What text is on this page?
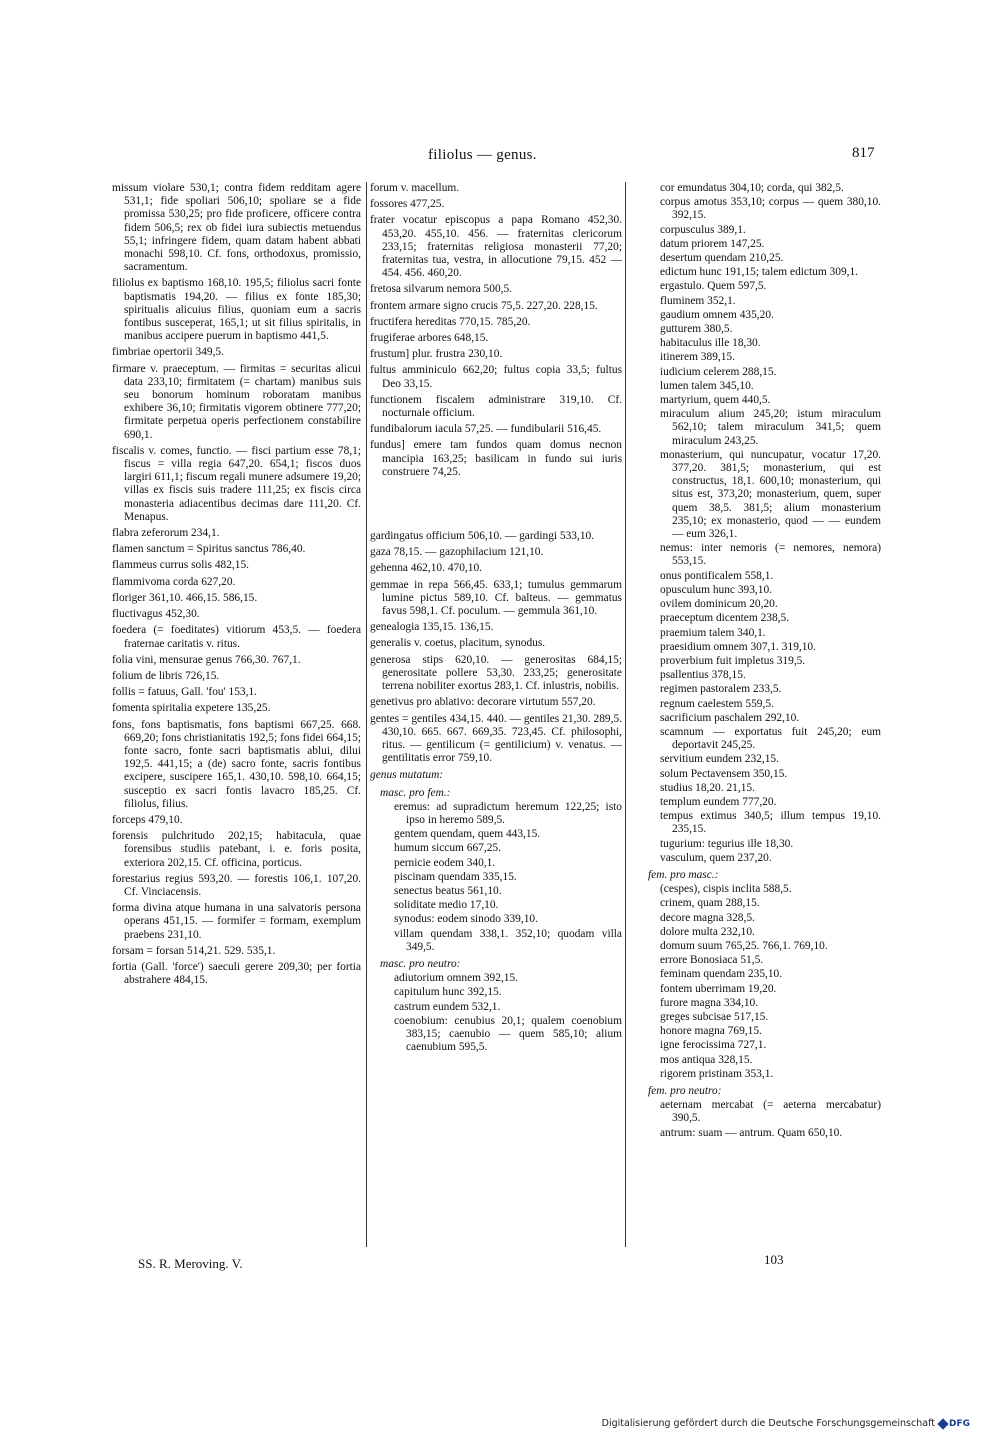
filiolus — genus.	817

missum violare 530,1; contra fidem redditam agere 531,1; fide spoliari 506,10; spoliare se a fide promissa 530,25; pro fide proficere, officere contra fidem 506,5; rex ob fidei iura subiectis metuendus 55,1; infringere fidem, quam datam habent abbati monachi 598,10. Cf. fons, orthodoxus, promissio, sacramentum.

filiolus ex baptismo 168,10. 195,5; filiolus sacri fonte baptismatis 194,20. — filius ex fonte 185,30; spiritualis alicuius filius, quoniam eum a sacris fontibus susceperat, 165,1; ut sit filius spiritalis, in manibus accipere puerum in baptismo 441,5.

fimbriae opertorii 349,5.

firmare v. praeceptum. — firmitas = securitas alicui data 233,10; firmitatem (= chartam) manibus suis seu bonorum hominum roboratam manibus exhibere 36,10; firmitatis vigorem obtinere 777,20; firmitate perpetua operis perfectionem constabilire 690,1.

fiscalis v. comes, functio. — fisci partium esse 78,1; fiscus = villa regia 647,20. 654,1; fiscos duos largiri 611,1; fiscum regali munere adsumere 19,20; villas ex fiscis suis tradere 111,25; ex fiscis circa monasteria adiacentibus decimas dare 111,20. Cf. Menapus.

flabra zeferorum 234,1.

flamen sanctum = Spiritus sanctus 786,40.

flammeus currus solis 482,15.

flammivoma corda 627,20.

floriger 361,10. 466,15. 586,15.

fluctivagus 452,30.

foedera (= foeditates) vitiorum 453,5. — foedera fraternae caritatis v. ritus.

folia vini, mensurae genus 766,30. 767,1.

folium de libris 726,15.

follis = fatuus, Gall. 'fou' 153,1.

fomenta spiritalia expetere 135,25.

fons, fons baptismatis, fons baptismi 667,25. 668. 669,20; fons christianitatis 192,5; fons fidei 664,15; fonte sacro, fonte sacri baptismatis ablui, dilui 192,5. 441,15; a (de) sacro fonte, sacris fontibus excipere, suscipere 165,1. 430,10. 598,10. 664,15; susceptio ex sacri fontis lavacro 185,25. Cf. filiolus, filius.

forceps 479,10.

forensis pulchritudo 202,15; habitacula, quae forensibus studiis patebant, i. e. foris posita, exteriora 202,15. Cf. officina, porticus.

forestarius regius 593,20. — forestis 106,1. 107,20. Cf. Vinciacensis.

forma divina atque humana in una salvatoris persona operans 451,15. — formifer = formam, exemplum praebens 231,10.

forsam = forsan 514,21. 529. 535,1.

fortia (Gall. 'force') saeculi gerere 209,30; per fortia abstrahere 484,15.

forum v. macellum.

fossores 477,25.

frater vocatur episcopus a papa Romano 452,30. 453,20. 455,10. 456. — fraternitas clericorum 233,15; fraternitas religiosa monasterii 77,20; fraternitas tua, vestra, in allocutione 79,15. 452 — 454. 456. 460,20.

fretosa silvarum nemora 500,5.

frontem armare signo crucis 75,5. 227,20. 228,15.

fructifera hereditas 770,15. 785,20.

frugiferae arbores 648,15.

frustum] plur. frustra 230,10.

fultus amminiculo 662,20; fultus copia 33,5; fultus Deo 33,15.

functionem fiscalem administrare 319,10. Cf. nocturnale officium.

fundibalorum iacula 57,25. — fundibularii 516,45.

fundus] emere tam fundos quam domus necnon mancipia 163,25; basilicam in fundo sui iuris construere 74,25.

gardingatus officium 506,10. — gardingi 533,10.

gaza 78,15. — gazophilacium 121,10.

gehenna 462,10. 470,10.

gemmae in repa 566,45. 633,1; tumulus gemmarum lumine pictus 589,10. Cf. balteus. — gemmatus favus 598,1. Cf. poculum. — gemmula 361,10.

genealogia 135,15. 136,15.

generalis v. coetus, placitum, synodus.

generosa stips 620,10. — generositas 684,15; generositate pollere 53,30. 233,25; generositate terrena nobiliter exortus 283,1. Cf. inlustris, nobilis.

genetivus pro ablativo: decorare virtutum 557,20.

gentes = gentiles 434,15. 440. — gentiles 21,30. 289,5. 430,10. 665. 667. 669,35. 723,45. Cf. philosophi, ritus. — gentilicum (= gentilicium) v. venatus. — gentilitatis error 759,10.

genus mutatum:

masc. pro fem.:

eremus: ad supradictum heremum 122,25; isto ipso in heremo 589,5.

gentem quendam, quem 443,15.

humum siccum 667,25.

pernicie eodem 340,1.

piscinam quendam 335,15.

senectus beatus 561,10.

soliditate medio 17,10.

synodus: eodem sinodo 339,10.

villam quendam 338,1. 352,10; quodam villa 349,5.

masc. pro neutro:

adiutorium omnem 392,15.

capitulum hunc 392,15.

castrum eundem 532,1.

coenobium: cenubius 20,1; qualem coenobium 383,15; caenubio — quem 585,10; alium caenubium 595,5.

cor emundatus 304,10; corda, qui 382,5.

corpus amotus 353,10; corpus — quem 380,10. 392,15.

corpusculus 389,1.

datum priorem 147,25.

desertum quendam 210,25.

edictum hunc 191,15; talem edictum 309,1.

ergastulo. Quem 597,5.

fluminem 352,1.

gaudium omnem 435,20.

gutturem 380,5.

habitaculus ille 18,30.

itinerem 389,15.

iudicium celerem 288,15.

lumen talem 345,10.

martyrium, quem 440,5.

miraculum alium 245,20; istum miraculum 562,10; talem miraculum 341,5; quem miraculum 243,25.

monasterium, qui nuncupatur, vocatur 17,20. 377,20. 381,5; monasterium, qui est constructus, 18,1. 600,10; monasterium, qui situs est, 373,20; monasterium, quem, super quem 38,5. 381,5; alium monasterium 235,10; ex monasterio, quod — — eundem — eum 326,1.

nemus: inter nemoris (= nemores, nemora) 553,15.

onus pontificalem 558,1.

opusculum hunc 393,10.

ovilem dominicum 20,20.

praeceptum dicentem 238,5.

praemium talem 340,1.

praesidium omnem 307,1. 319,10.

proverbium fuit impletus 319,5.

psallentius 378,15.

regimen pastoralem 233,5.

regnum caelestem 559,5.

sacrificium paschalem 292,10.

scamnum — exportatus fuit 245,20; eum deportavit 245,25.

servitium eundem 232,15.

solum Pectavensem 350,15.

studius 18,20. 21,15.

templum eundem 777,20.

tempus extimus 340,5; illum tempus 19,10. 235,15.

tugurium: tegurius ille 18,30.

vasculum, quem 237,20.

fem. pro masc.:

(cespes), cispis inclita 588,5.

crinem, quam 288,15.

decore magna 328,5.

dolore multa 232,10.

domum suum 765,25. 766,1. 769,10.

errore Bonosiaca 51,5.

feminam quendam 235,10.

fontem uberrimam 19,20.

furore magna 334,10.

greges subcisae 517,15.

honore magna 769,15.

igne ferocissima 727,1.

mos antiqua 328,15.

rigorem pristinam 353,1.

fem. pro neutro:

aeternam mercabat (= aeterna mercabatur) 390,5.

antrum: suam — antrum. Quam 650,10.

SS. R. Meroving. V.	103
Digitalisierung gefördert durch die Deutsche Forschungsgemeinschaft DFG
